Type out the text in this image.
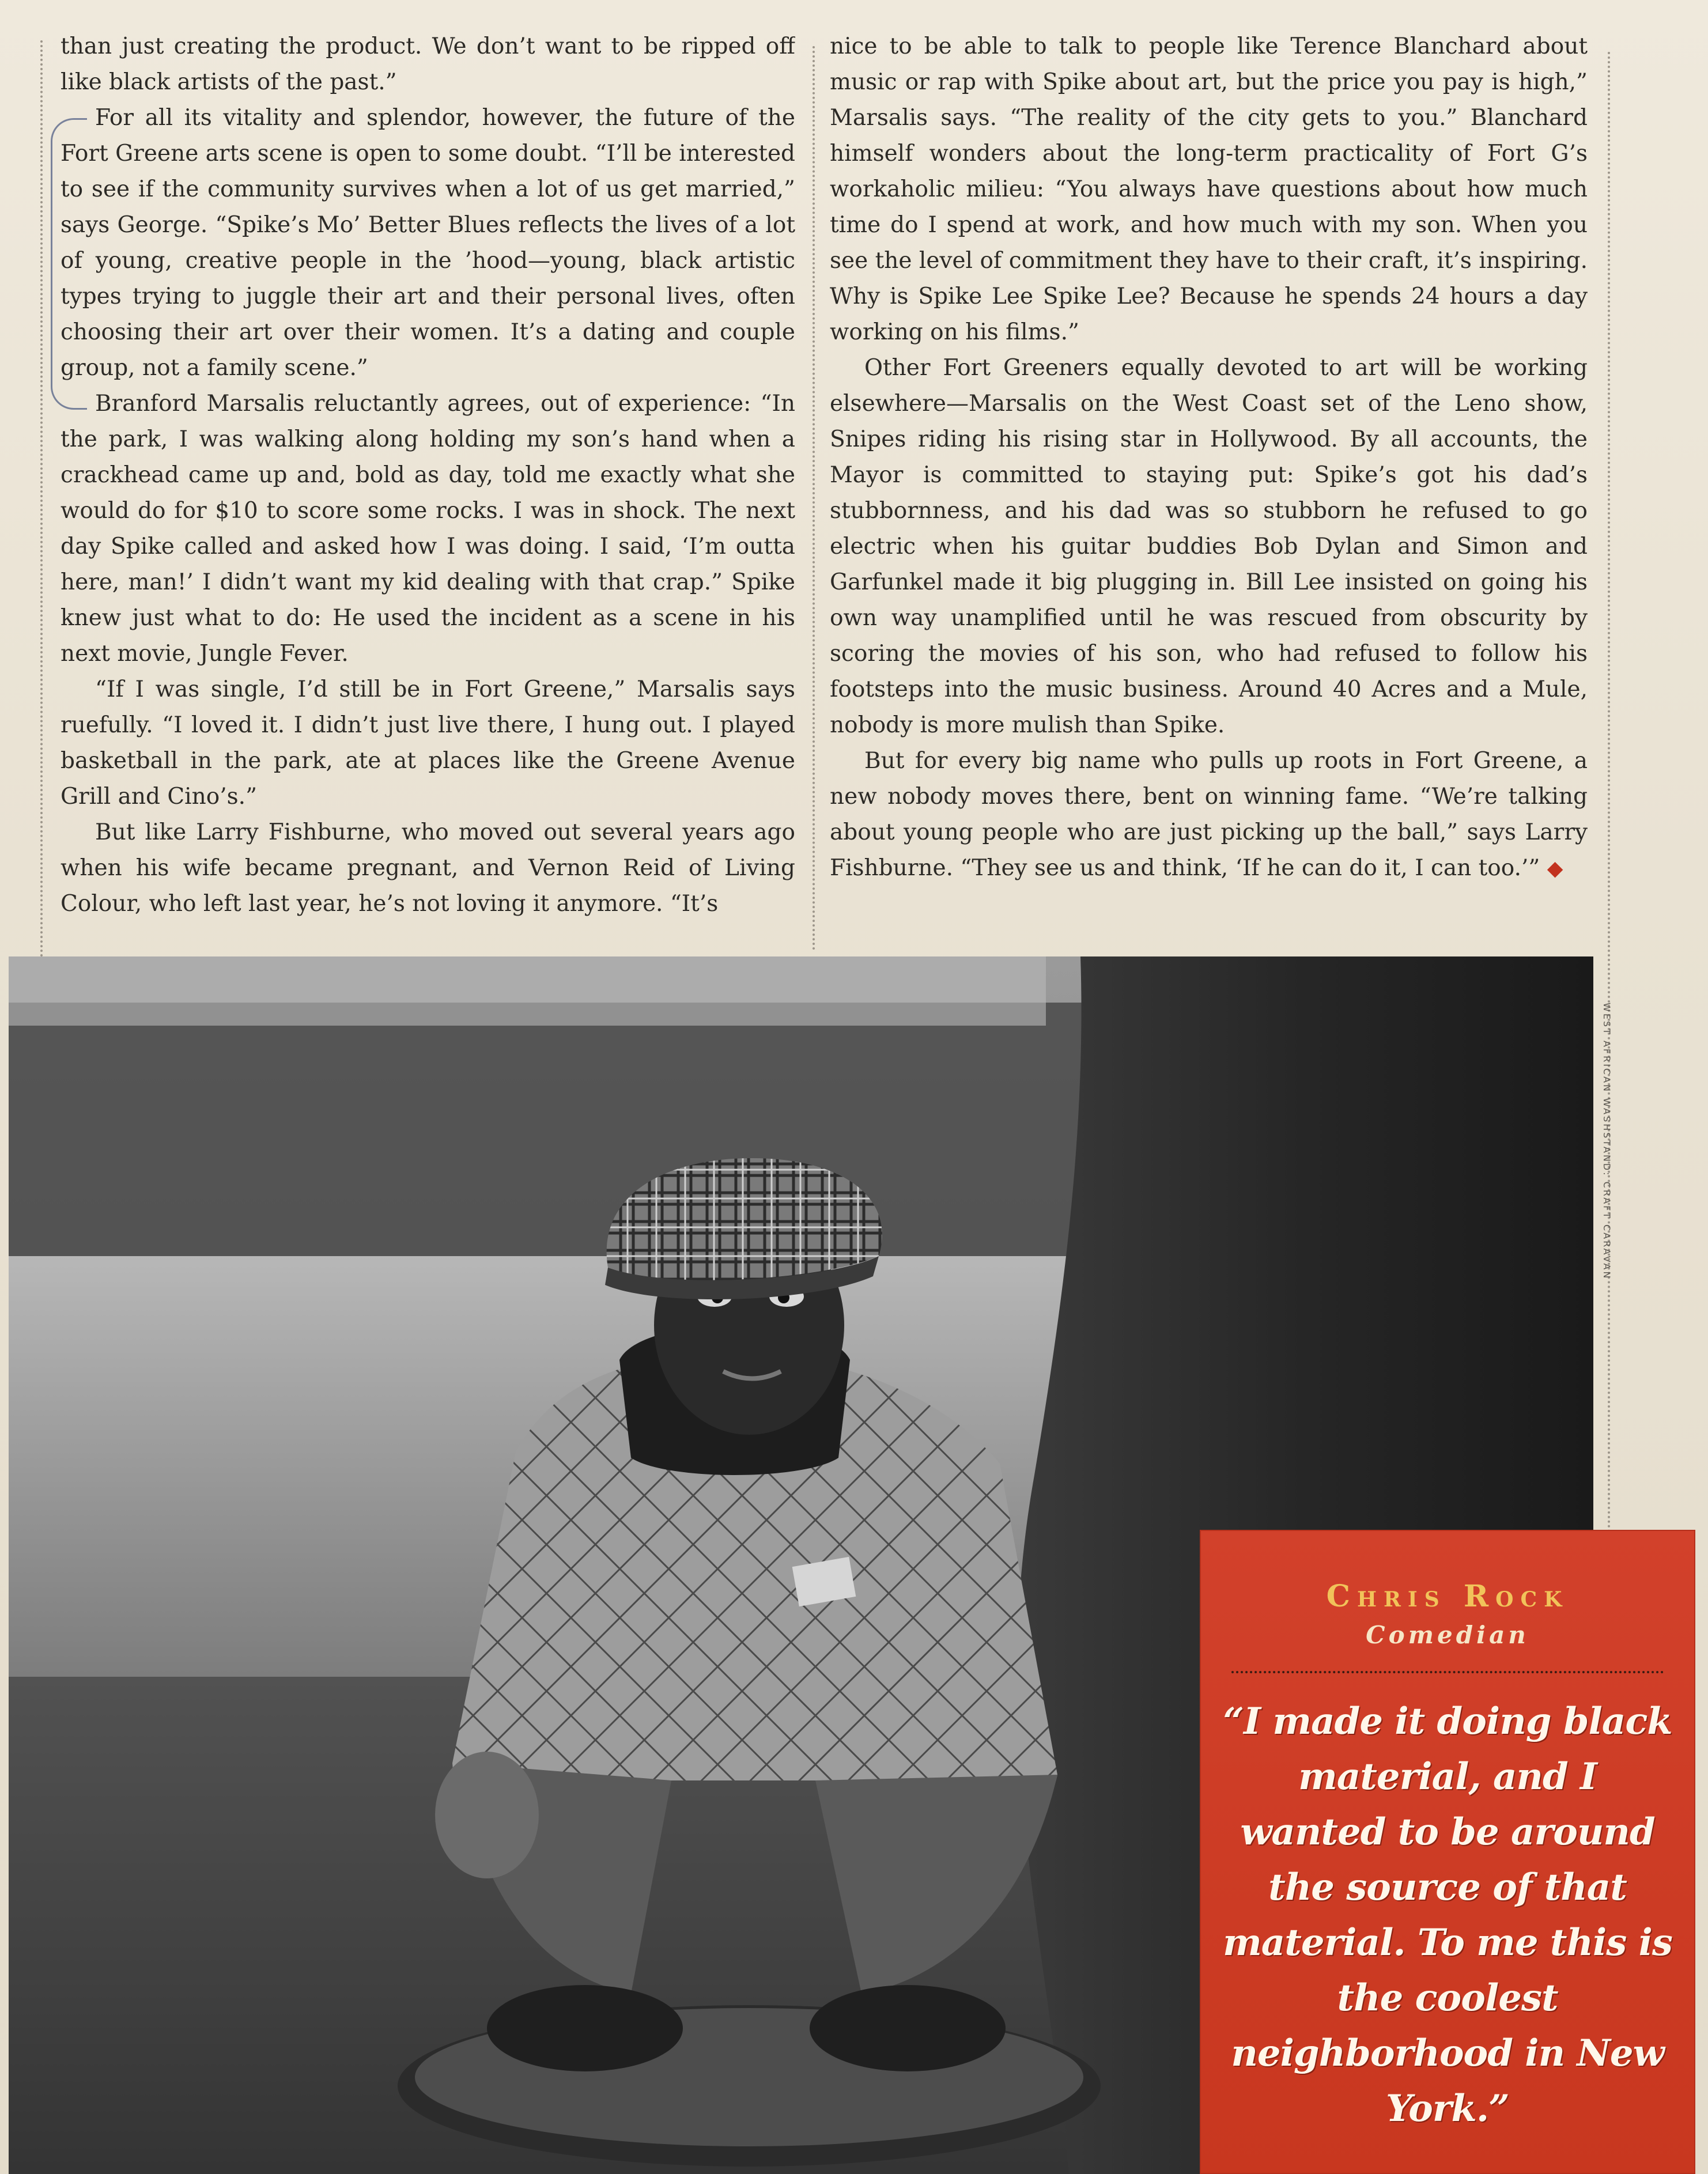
than just creating the product. We don’t want to be ripped off like black artists of the past.”

For all its vitality and splendor, however, the future of the Fort Greene arts scene is open to some doubt. “I’ll be interested to see if the community survives when a lot of us get married,” says George. “Spike’s Mo’ Better Blues reflects the lives of a lot of young, creative people in the ’hood—young, black artistic types trying to juggle their art and their personal lives, often choosing their art over their women. It’s a dating and couple group, not a family scene.”

Branford Marsalis reluctantly agrees, out of experience: “In the park, I was walking along holding my son’s hand when a crackhead came up and, bold as day, told me exactly what she would do for $10 to score some rocks. I was in shock. The next day Spike called and asked how I was doing. I said, ‘I’m outta here, man!’ I didn’t want my kid dealing with that crap.” Spike knew just what to do: He used the incident as a scene in his next movie, Jungle Fever.

“If I was single, I’d still be in Fort Greene,” Marsalis says ruefully. “I loved it. I didn’t just live there, I hung out. I played basketball in the park, ate at places like the Greene Avenue Grill and Cino’s.”

But like Larry Fishburne, who moved out several years ago when his wife became pregnant, and Vernon Reid of Living Colour, who left last year, he’s not loving it anymore. “It’s

nice to be able to talk to people like Terence Blanchard about music or rap with Spike about art, but the price you pay is high,” Marsalis says. “The reality of the city gets to you.” Blanchard himself wonders about the long-term practicality of Fort G’s workaholic milieu: “You always have questions about how much time do I spend at work, and how much with my son. When you see the level of commitment they have to their craft, it’s inspiring. Why is Spike Lee Spike Lee? Because he spends 24 hours a day working on his films.”

Other Fort Greeners equally devoted to art will be working elsewhere—Marsalis on the West Coast set of the Leno show, Snipes riding his rising star in Hollywood. By all accounts, the Mayor is committed to staying put: Spike’s got his dad’s stubbornness, and his dad was so stubborn he refused to go electric when his guitar buddies Bob Dylan and Simon and Garfunkel made it big plugging in. Bill Lee insisted on going his own way unamplified until he was rescued from obscurity by scoring the movies of his son, who had refused to follow his footsteps into the music business. Around 40 Acres and a Mule, nobody is more mulish than Spike.

But for every big name who pulls up roots in Fort Greene, a new nobody moves there, bent on winning fame. “We’re talking about young people who are just picking up the ball,” says Larry Fishburne. “They see us and think, ‘If he can do it, I can too.’” ◆

WEST AFRICAN WASHSTAND: CRAFT CARAVAN
Chris Rock
Comedian
“I made it doing black material, and I wanted to be around the source of that material. To me this is the coolest neighborhood in New York.”
